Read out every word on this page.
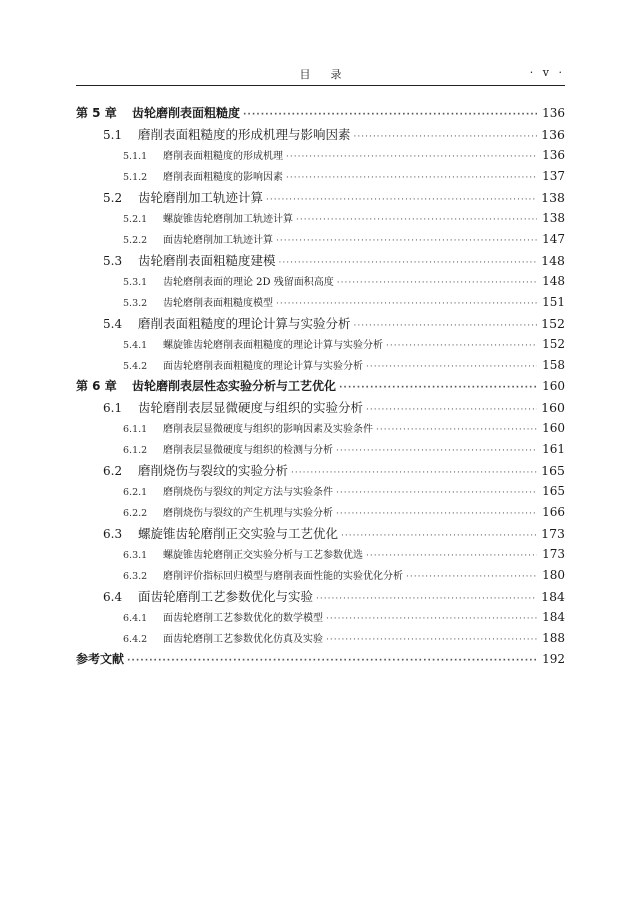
目录	· v ·
第 5 章	齿轮磨削表面粗糙度 ·····	136
5.1	磨削表面粗糙度的形成机理与影响因素 ·····	136
5.1.1	磨削表面粗糙度的形成机理 ·····	136
5.1.2	磨削表面粗糙度的影响因素 ·····	137
5.2	齿轮磨削加工轨迹计算 ·····	138
5.2.1	螺旋锥齿轮磨削加工轨迹计算 ·····	138
5.2.2	面齿轮磨削加工轨迹计算 ·····	147
5.3	齿轮磨削表面粗糙度建模 ·····	148
5.3.1	齿轮磨削表面的理论 2D 残留面积高度 ·····	148
5.3.2	齿轮磨削表面粗糙度模型 ·····	151
5.4	磨削表面粗糙度的理论计算与实验分析 ·····	152
5.4.1	螺旋锥齿轮磨削表面粗糙度的理论计算与实验分析 ·····	152
5.4.2	面齿轮磨削表面粗糙度的理论计算与实验分析 ·····	158
第 6 章	齿轮磨削表层性态实验分析与工艺优化 ·····	160
6.1	齿轮磨削表层显微硬度与组织的实验分析 ·····	160
6.1.1	磨削表层显微硬度与组织的影响因素及实验条件 ·····	160
6.1.2	磨削表层显微硬度与组织的检测与分析 ·····	161
6.2	磨削烧伤与裂纹的实验分析 ·····	165
6.2.1	磨削烧伤与裂纹的判定方法与实验条件 ·····	165
6.2.2	磨削烧伤与裂纹的产生机理与实验分析 ·····	166
6.3	螺旋锥齿轮磨削正交实验与工艺优化 ·····	173
6.3.1	螺旋锥齿轮磨削正交实验分析与工艺参数优选 ·····	173
6.3.2	磨削评价指标回归模型与磨削表面性能的实验优化分析 ·····	180
6.4	面齿轮磨削工艺参数优化与实验 ·····	184
6.4.1	面齿轮磨削工艺参数优化的数学模型 ·····	184
6.4.2	面齿轮磨削工艺参数优化仿真及实验 ·····	188
参考文献 ·····	192
